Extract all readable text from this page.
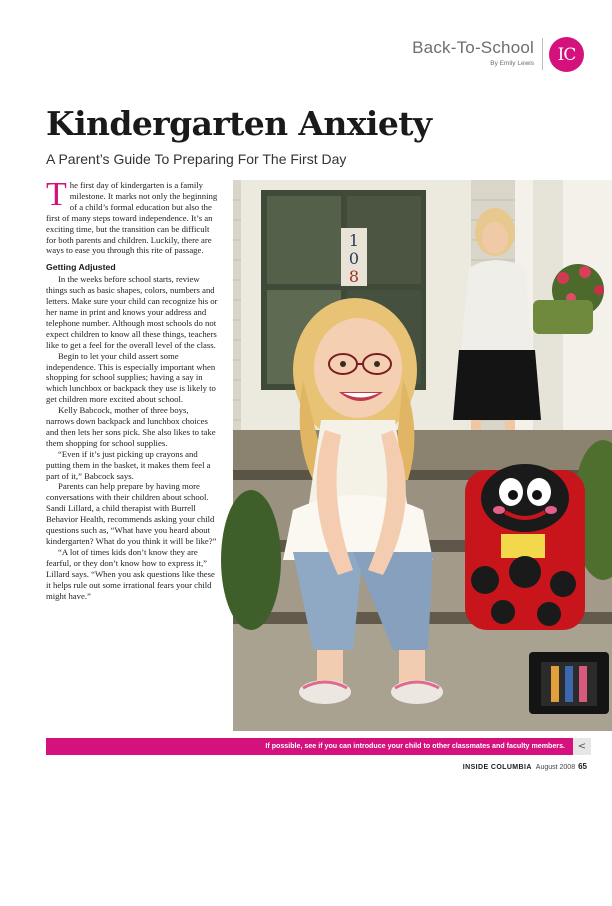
Back-To-School
By Emily Lewis	IC
Kindergarten Anxiety
A Parent’s Guide To Preparing For The First Day

The first day of kindergarten is a family milestone. It marks not only the beginning of a child’s formal education but also the first of many steps toward independence. It’s an exciting time, but the transition can be difficult for both parents and children. Luckily, there are ways to ease you through this rite of passage.

Getting Adjusted

In the weeks before school starts, review things such as basic shapes, colors, numbers and letters. Make sure your child can recognize his or her name in print and knows your address and telephone number. Although most schools do not expect children to know all these things, teachers like to get a feel for the overall level of the class.

Begin to let your child assert some independence. This is especially important when shopping for school supplies; having a say in which lunchbox or backpack they use is likely to get children more excited about school.

Kelly Babcock, mother of three boys, narrows down backpack and lunchbox choices and then lets her sons pick. She also likes to take them shopping for school supplies.

“Even if it’s just picking up crayons and putting them in the basket, it makes them feel a part of it,” Babcock says.

Parents can help prepare by having more conversations with their children about school. Sandi Lillard, a child therapist with Burrell Behavior Health, recommends asking your child questions such as, “What have you heard about kindergarten? What do you think it will be like?”

“A lot of times kids don’t know they are fearful, or they don’t know how to express it,” Lillard says. “When you ask questions like these it helps rule out some irrational fears your child might have.”

1
0
8
Adelaide Becking and her mother, Sarah
If possible, see if you can introduce your child to other classmates and faculty members.	<
INSIDE COLUMBIA August 2008 65
